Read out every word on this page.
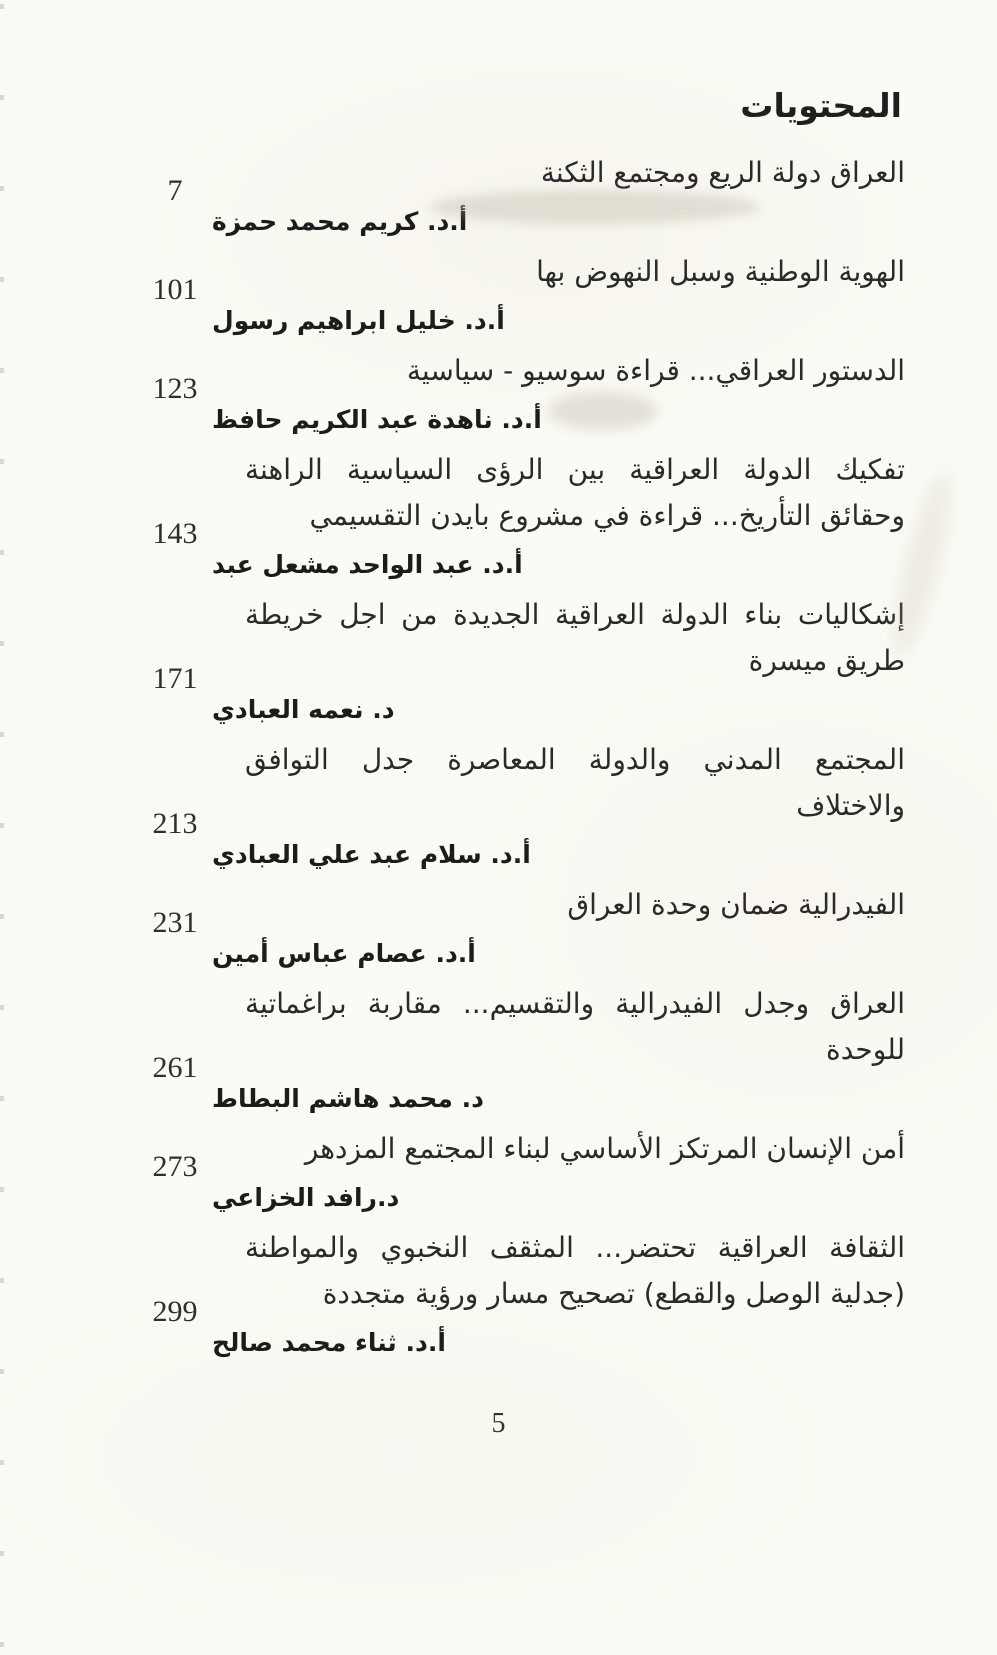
المحتويات
العراق دولة الريع ومجتمع الثكنة
7
أ.د. كريم محمد حمزة
الهوية الوطنية وسبل النهوض بها
101
أ.د. خليل ابراهيم رسول
الدستور العراقي... قراءة سوسيو - سياسية
123
أ.د. ناهدة عبد الكريم حافظ
تفكيك الدولة العراقية بين الرؤى السياسية الراهنة
وحقائق التأريخ... قراءة في مشروع بايدن التقسيمي
143
أ.د. عبد الواحد مشعل عبد
إشكاليات بناء الدولة العراقية الجديدة من اجل خريطة
طريق ميسرة
171
د. نعمه العبادي
المجتمع المدني والدولة المعاصرة جدل التوافق
والاختلاف
213
أ.د. سلام عبد علي العبادي
الفيدرالية ضمان وحدة العراق
231
أ.د. عصام عباس أمين
العراق وجدل الفيدرالية والتقسيم... مقاربة براغماتية
للوحدة
261
د. محمد هاشم البطاط
أمن الإنسان المرتكز الأساسي لبناء المجتمع المزدهر
273
د.رافد الخزاعي
الثقافة العراقية تحتضر... المثقف النخبوي والمواطنة
(جدلية الوصل والقطع) تصحيح مسار ورؤية متجددة
299
أ.د. ثناء محمد صالح
5
